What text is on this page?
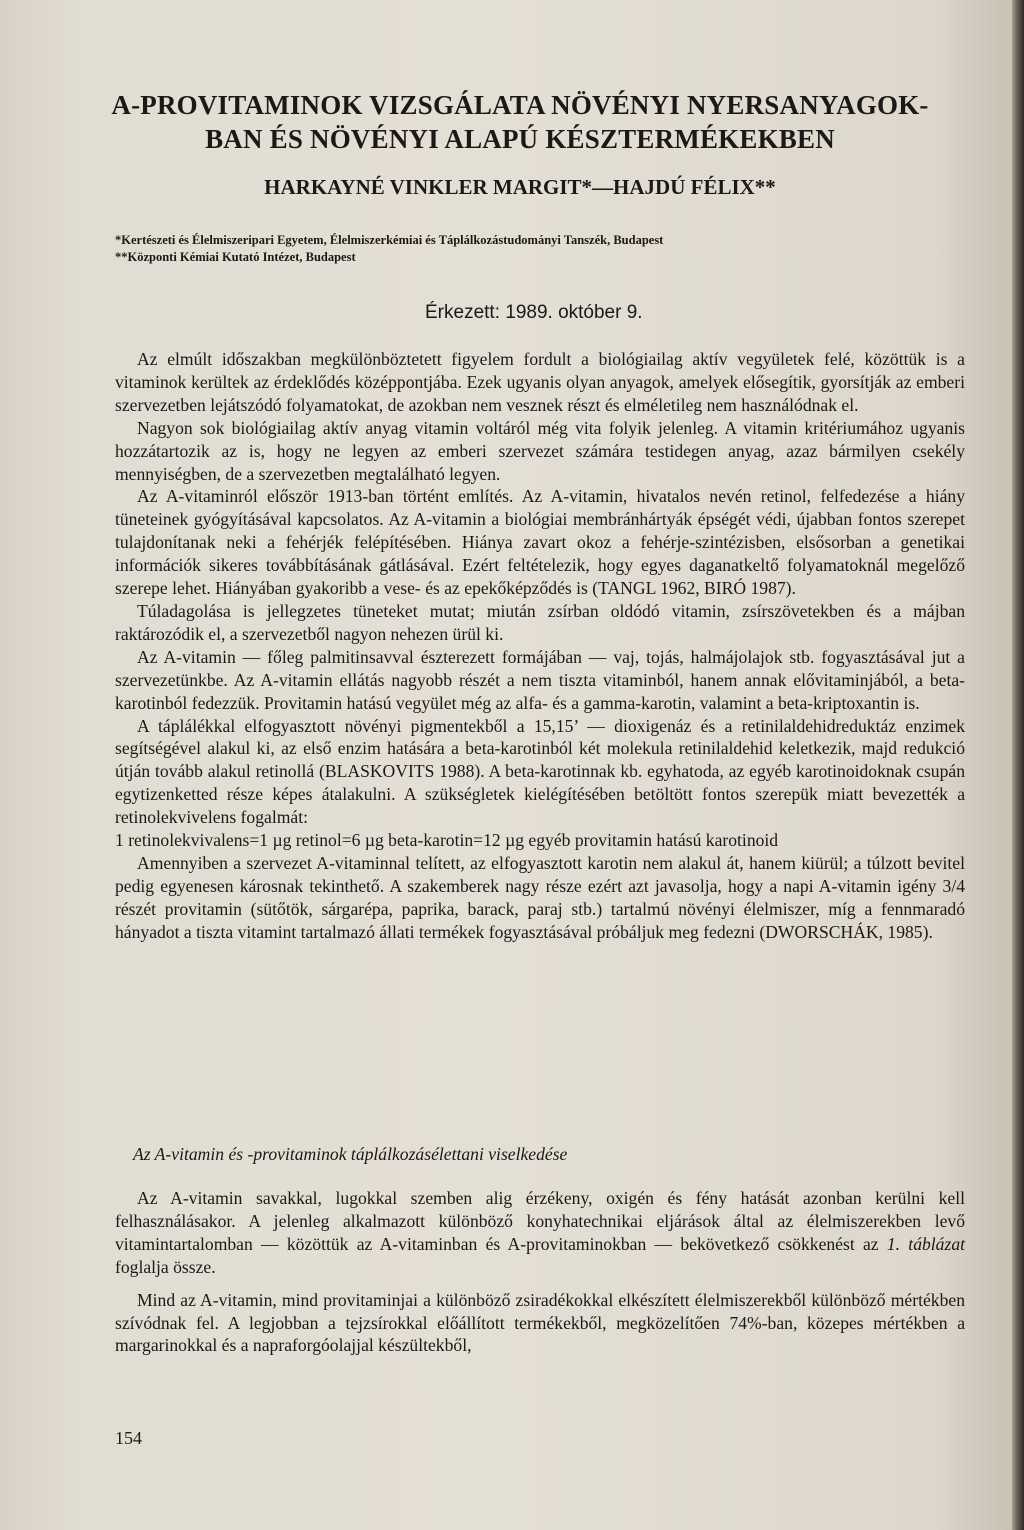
A-PROVITAMINOK VIZSGÁLATA NÖVÉNYI NYERSANYAGOK-
BAN ÉS NÖVÉNYI ALAPÚ KÉSZTERMÉKEKBEN
HARKAYNÉ VINKLER MARGIT*—HAJDÚ FÉLIX**
*Kertészeti és Élelmiszeripari Egyetem, Élelmiszerkémiai és Táplálkozástudományi Tanszék, Budapest
**Központi Kémiai Kutató Intézet, Budapest
Érkezett: 1989. október 9.

Az elmúlt időszakban megkülönböztetett figyelem fordult a biológiailag aktív vegyületek felé, közöttük is a vitaminok kerültek az érdeklődés középpontjába. Ezek ugyanis olyan anyagok, amelyek elősegítik, gyorsítják az emberi szervezetben lejátszódó folyamatokat, de azokban nem vesznek részt és elméletileg nem használódnak el.

Nagyon sok biológiailag aktív anyag vitamin voltáról még vita folyik jelenleg. A vitamin kritériumához ugyanis hozzátartozik az is, hogy ne legyen az emberi szervezet számára testidegen anyag, azaz bármilyen csekély mennyiségben, de a szervezetben megtalálható legyen.

Az A-vitaminról először 1913-ban történt említés. Az A-vitamin, hivatalos nevén retinol, felfedezése a hiány tüneteinek gyógyításával kapcsolatos. Az A-vitamin a biológiai membránhártyák épségét védi, újabban fontos szerepet tulajdonítanak neki a fehérjék felépítésében. Hiánya zavart okoz a fehérje-szintézisben, elsősorban a genetikai információk sikeres továbbításának gátlásával. Ezért feltételezik, hogy egyes daganatkeltő folyamatoknál megelőző szerepe lehet. Hiányában gyakoribb a vese- és az epekőképződés is (TANGL 1962, BIRÓ 1987).

Túladagolása is jellegzetes tüneteket mutat; miután zsírban oldódó vitamin, zsírszövetekben és a májban raktározódik el, a szervezetből nagyon nehezen ürül ki.

Az A-vitamin — főleg palmitinsavval észterezett formájában — vaj, tojás, halmájolajok stb. fogyasztásával jut a szervezetünkbe. Az A-vitamin ellátás nagyobb részét a nem tiszta vitaminból, hanem annak elővitaminjából, a beta-karotinból fedezzük. Provitamin hatású vegyület még az alfa- és a gamma-karotin, valamint a beta-kriptoxantin is.

A táplálékkal elfogyasztott növényi pigmentekből a 15,15’ — dioxigenáz és a retinilaldehidreduktáz enzimek segítségével alakul ki, az első enzim hatására a beta-karotinból két molekula retinilaldehid keletkezik, majd redukció útján tovább alakul retinollá (BLASKOVITS 1988). A beta-karotinnak kb. egyhatoda, az egyéb karotinoidoknak csupán egytizenketted része képes átalakulni. A szükségletek kielégítésében betöltött fontos szerepük miatt bevezették a retinolekvivelens fogalmát:

1 retinolekvivalens=1 µg retinol=6 µg beta-karotin=12 µg egyéb provitamin hatású karotinoid

Amennyiben a szervezet A-vitaminnal telített, az elfogyasztott karotin nem alakul át, hanem kiürül; a túlzott bevitel pedig egyenesen károsnak tekinthető. A szakemberek nagy része ezért azt javasolja, hogy a napi A-vitamin igény 3/4 részét provitamin (sütőtök, sárgarépa, paprika, barack, paraj stb.) tartalmú növényi élelmiszer, míg a fennmaradó hányadot a tiszta vitamint tartalmazó állati termékek fogyasztásával próbáljuk meg fedezni (DWORSCHÁK, 1985).

Az A-vitamin és -provitaminok táplálkozásélettani viselkedése

Az A-vitamin savakkal, lugokkal szemben alig érzékeny, oxigén és fény hatását azonban kerülni kell felhasználásakor. A jelenleg alkalmazott különböző konyhatechnikai eljárások által az élelmiszerekben levő vitamintartalomban — közöttük az A-vitaminban és A-provitaminokban — bekövetkező csökkenést az 1. táblázat foglalja össze.

Mind az A-vitamin, mind provitaminjai a különböző zsiradékokkal elkészített élelmiszerekből különböző mértékben szívódnak fel. A legjobban a tejzsírokkal előállított termékekből, megközelítően 74%-ban, közepes mértékben a margarinokkal és a napraforgóolajjal készültekből,

154
